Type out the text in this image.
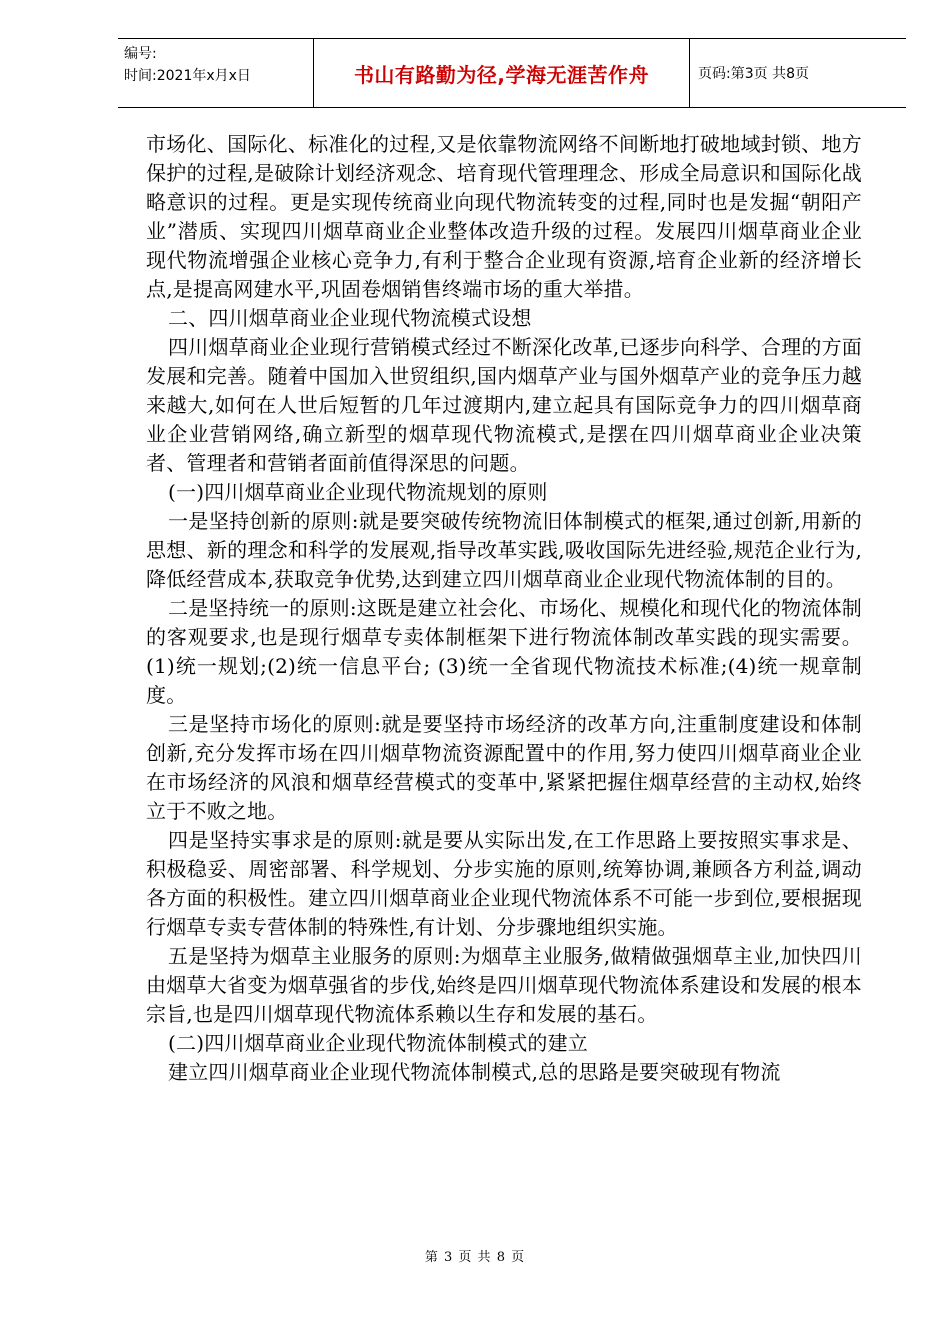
编号:
时间:2021年x月x日	书山有路勤为径,学海无涯苦作舟	页码:第3页 共8页

市场化、国际化、标准化的过程,又是依靠物流网络不间断地打破地域封锁、地方保护的过程,是破除计划经济观念、培育现代管理理念、形成全局意识和国际化战略意识的过程。更是实现传统商业向现代物流转变的过程,同时也是发掘“朝阳产业”潜质、实现四川烟草商业企业整体改造升级的过程。发展四川烟草商业企业现代物流增强企业核心竞争力,有利于整合企业现有资源,培育企业新的经济增长点,是提高网建水平,巩固卷烟销售终端市场的重大举措。

二、四川烟草商业企业现代物流模式设想

四川烟草商业企业现行营销模式经过不断深化改革,已逐步向科学、合理的方面发展和完善。随着中国加入世贸组织,国内烟草产业与国外烟草产业的竞争压力越来越大,如何在人世后短暂的几年过渡期内,建立起具有国际竞争力的四川烟草商业企业营销网络,确立新型的烟草现代物流模式,是摆在四川烟草商业企业决策者、管理者和营销者面前值得深思的问题。

(一)四川烟草商业企业现代物流规划的原则

一是坚持创新的原则:就是要突破传统物流旧体制模式的框架,通过创新,用新的思想、新的理念和科学的发展观,指导改革实践,吸收国际先进经验,规范企业行为,降低经营成本,获取竞争优势,达到建立四川烟草商业企业现代物流体制的目的。

二是坚持统一的原则:这既是建立社会化、市场化、规模化和现代化的物流体制的客观要求,也是现行烟草专卖体制框架下进行物流体制改革实践的现实需要。(1)统一规划;(2)统一信息平台; (3)统一全省现代物流技术标准;(4)统一规章制度。

三是坚持市场化的原则:就是要坚持市场经济的改革方向,注重制度建设和体制创新,充分发挥市场在四川烟草物流资源配置中的作用,努力使四川烟草商业企业在市场经济的风浪和烟草经营模式的变革中,紧紧把握住烟草经营的主动权,始终立于不败之地。

四是坚持实事求是的原则:就是要从实际出发,在工作思路上要按照实事求是、积极稳妥、周密部署、科学规划、分步实施的原则,统筹协调,兼顾各方利益,调动各方面的积极性。建立四川烟草商业企业现代物流体系不可能一步到位,要根据现行烟草专卖专营体制的特殊性,有计划、分步骤地组织实施。

五是坚持为烟草主业服务的原则:为烟草主业服务,做精做强烟草主业,加快四川由烟草大省变为烟草强省的步伐,始终是四川烟草现代物流体系建设和发展的根本宗旨,也是四川烟草现代物流体系赖以生存和发展的基石。

(二)四川烟草商业企业现代物流体制模式的建立

建立四川烟草商业企业现代物流体制模式,总的思路是要突破现有物流

第 3 页 共 8 页
